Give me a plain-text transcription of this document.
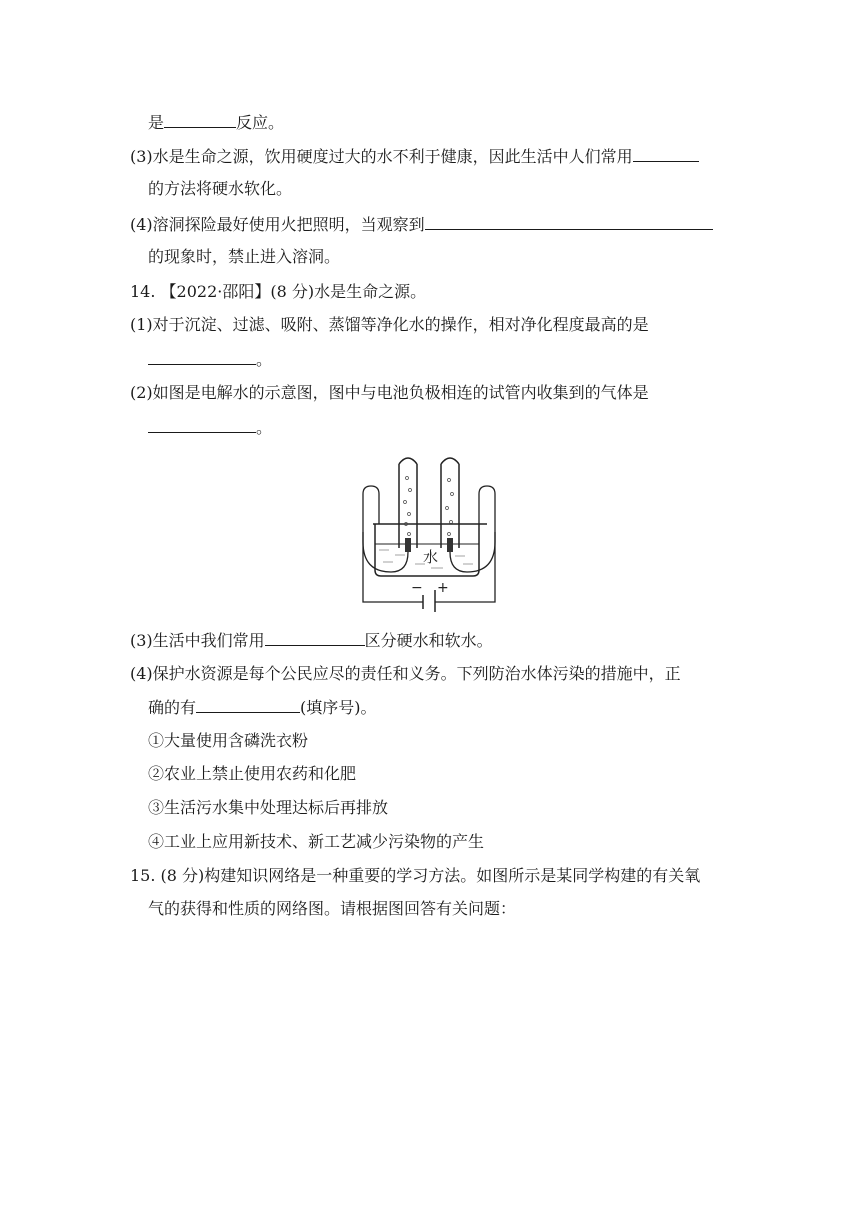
是	反应。
(3)水是生命之源，饮用硬度过大的水不利于健康，因此生活中人们常用
的方法将硬水软化。
(4)溶洞探险最好使用火把照明，当观察到
的现象时，禁止进入溶洞。
14. 【2022·邵阳】(8 分)水是生命之源。
(1)对于沉淀、过滤、吸附、蒸馏等净化水的操作，相对净化程度最高的是
。
(2)如图是电解水的示意图，图中与电池负极相连的试管内收集到的气体是
。
水
− +
(3)生活中我们常用	区分硬水和软水。
(4)保护水资源是每个公民应尽的责任和义务。下列防治水体污染的措施中，正
确的有	(填序号)。
①大量使用含磷洗衣粉
②农业上禁止使用农药和化肥
③生活污水集中处理达标后再排放
④工业上应用新技术、新工艺减少污染物的产生
15. (8 分)构建知识网络是一种重要的学习方法。如图所示是某同学构建的有关氧
气的获得和性质的网络图。请根据图回答有关问题：
